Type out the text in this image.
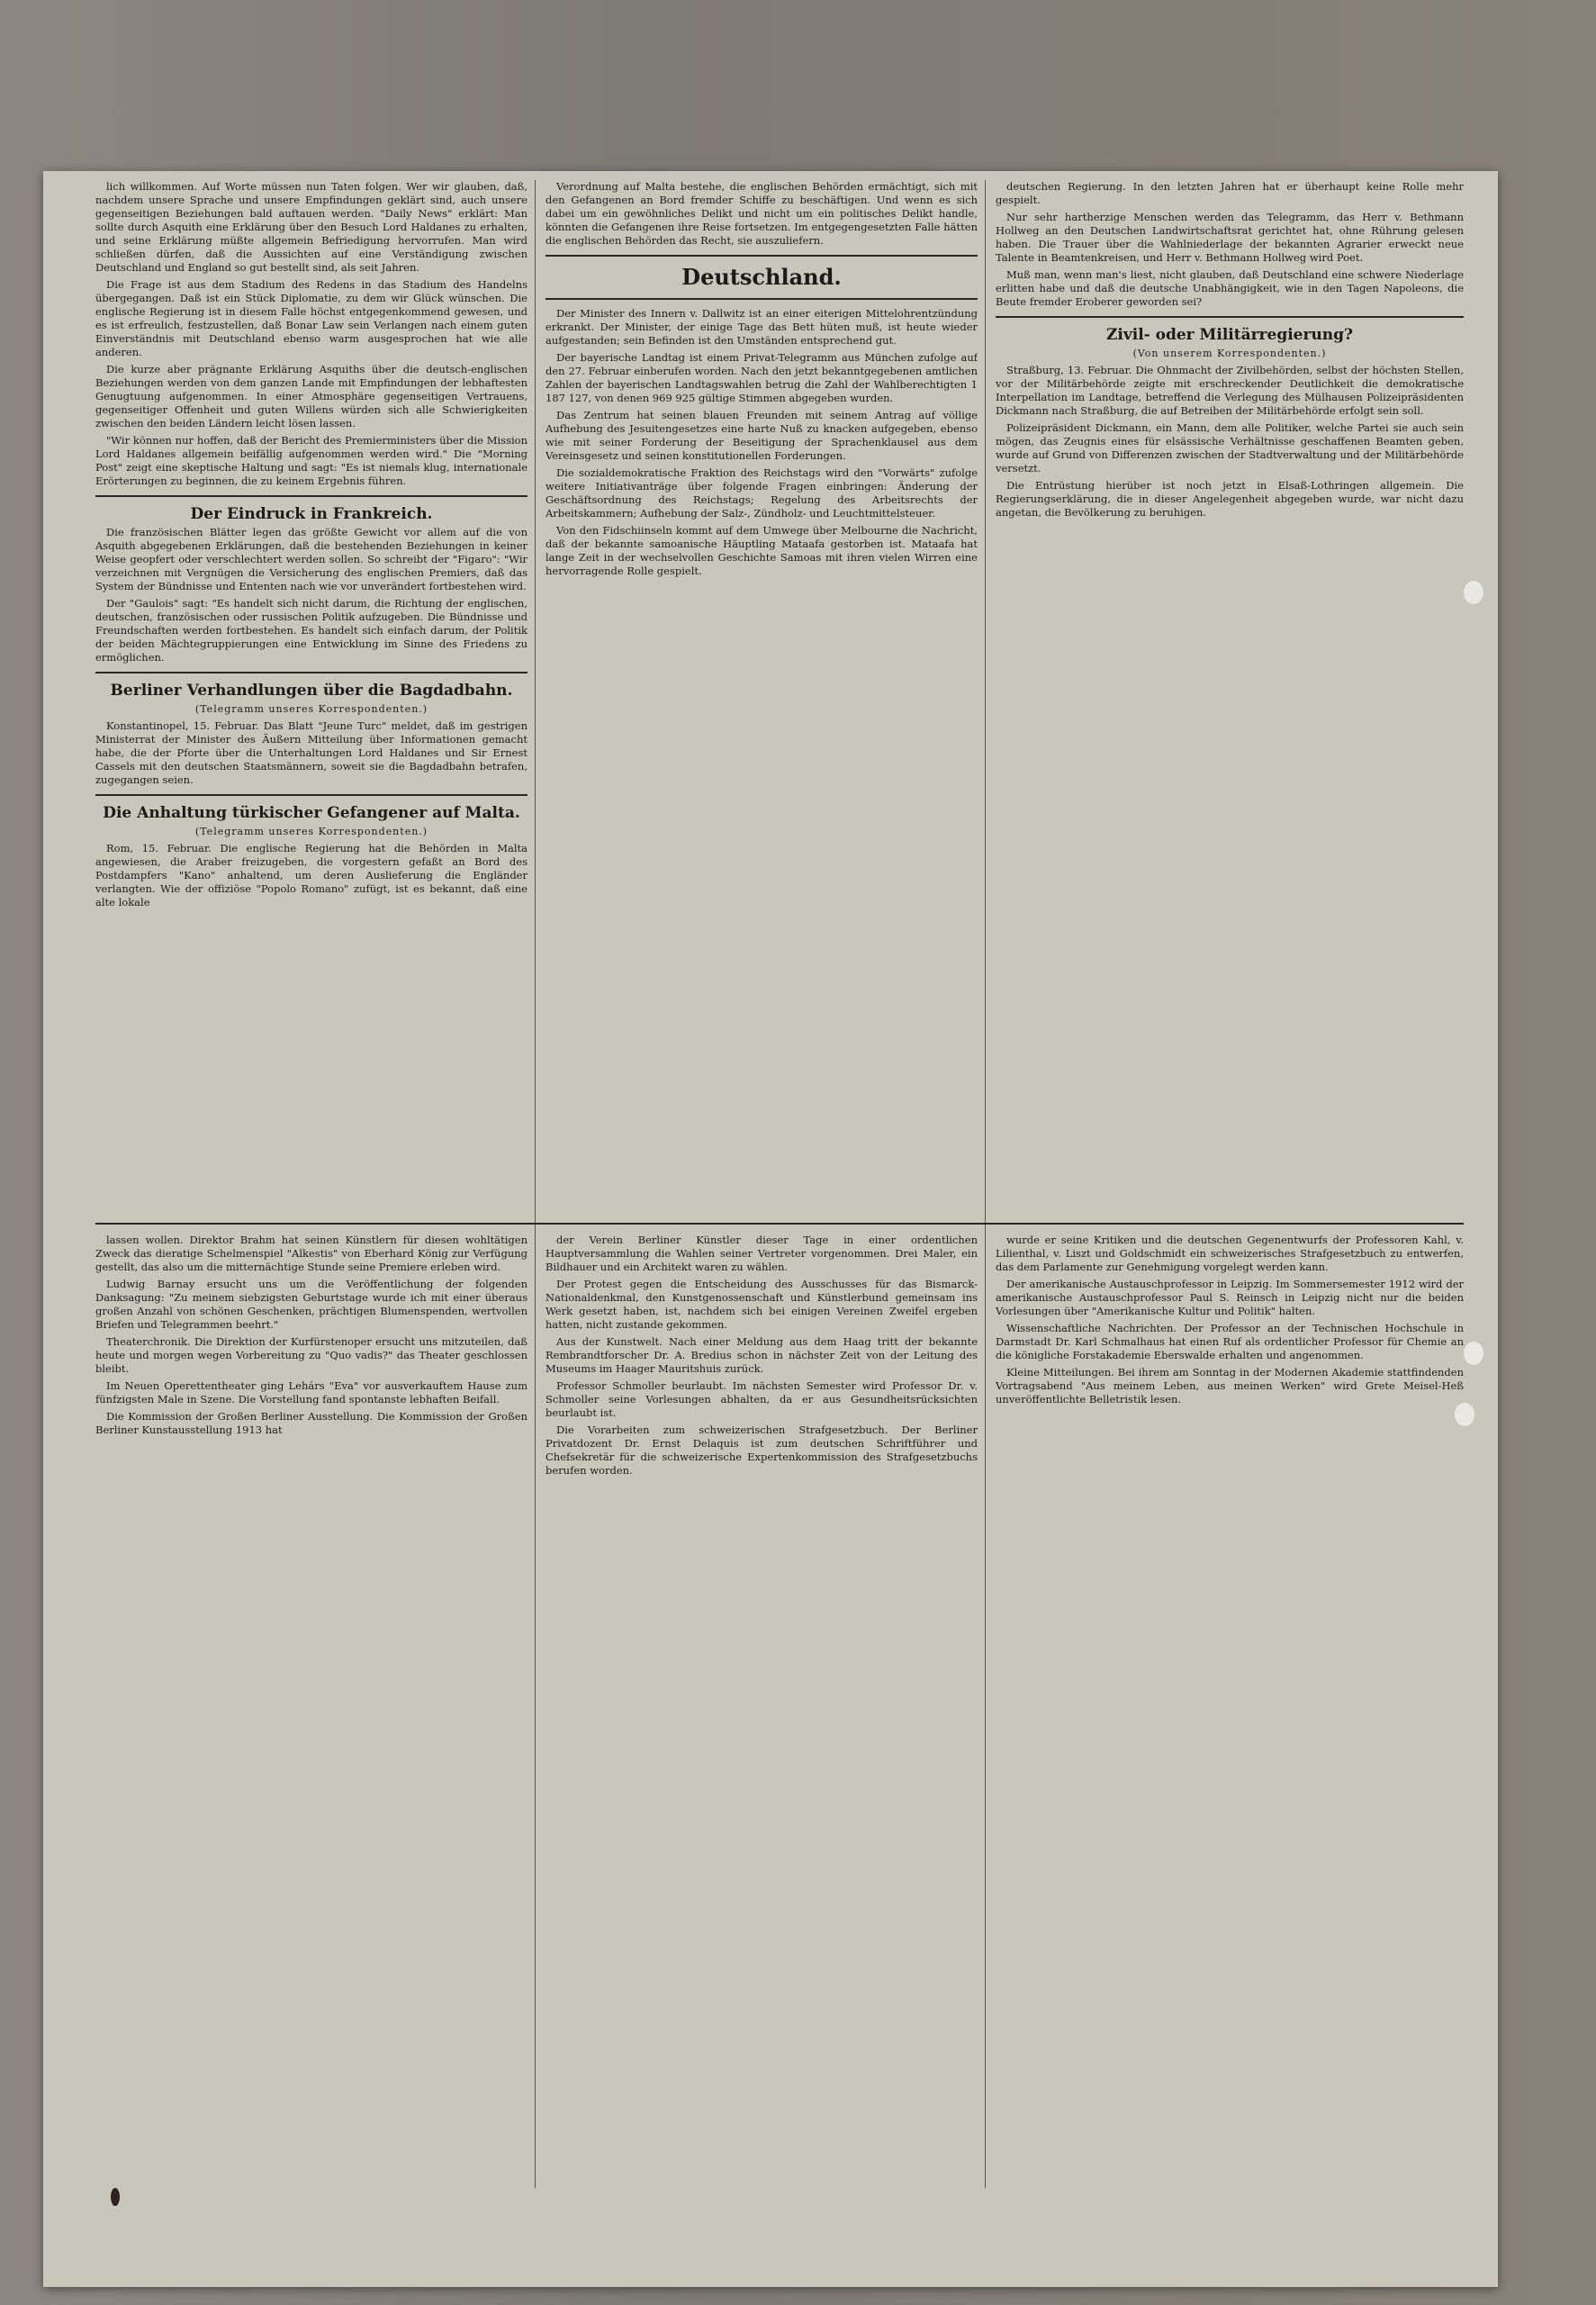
lich willkommen. Auf Worte müssen nun Taten folgen. Wer wir glauben, daß, nachdem unsere Sprache und unsere Empfindungen geklärt sind, auch unsere gegenseitigen Beziehungen bald auftauen werden. "Daily News" erklärt: Man sollte durch Asquith eine Erklärung über den Besuch Lord Haldanes zu erhalten, und seine Erklärung müßte allgemein Befriedigung hervorrufen. Man wird schließen dürfen, daß die Aussichten auf eine Verständigung zwischen Deutschland und England so gut bestellt sind, als seit Jahren.

Die Frage ist aus dem Stadium des Redens in das Stadium des Handelns übergegangen. Daß ist ein Stück Diplomatie, zu dem wir Glück wünschen. Die englische Regierung ist in diesem Falle höchst entgegenkommend gewesen, und es ist erfreulich, festzustellen, daß Bonar Law sein Verlangen nach einem guten Einverständnis mit Deutschland ebenso warm ausgesprochen hat wie alle anderen.

Die kurze aber prägnante Erklärung Asquiths über die deutsch-englischen Beziehungen werden von dem ganzen Lande mit Empfindungen der lebhaftesten Genugtuung aufgenommen. In einer Atmosphäre gegenseitigen Vertrauens, gegenseitiger Offenheit und guten Willens würden sich alle Schwierigkeiten zwischen den beiden Ländern leicht lösen lassen.

"Wir können nur hoffen, daß der Bericht des Premierministers über die Mission Lord Haldanes allgemein beifällig aufgenommen werden wird." Die "Morning Post" zeigt eine skeptische Haltung und sagt: "Es ist niemals klug, internationale Erörterungen zu beginnen, die zu keinem Ergebnis führen.

Der Eindruck in Frankreich.

Die französischen Blätter legen das größte Gewicht vor allem auf die von Asquith abgegebenen Erklärungen, daß die bestehenden Beziehungen in keiner Weise geopfert oder verschlechtert werden sollen. So schreibt der "Figaro": "Wir verzeichnen mit Vergnügen die Versicherung des englischen Premiers, daß das System der Bündnisse und Ententen nach wie vor unverändert fortbestehen wird.

Der "Gaulois" sagt: "Es handelt sich nicht darum, die Richtung der englischen, deutschen, französischen oder russischen Politik aufzugeben. Die Bündnisse und Freundschaften werden fortbestehen. Es handelt sich einfach darum, der Politik der beiden Mächtegruppierungen eine Entwicklung im Sinne des Friedens zu ermöglichen.

Berliner Verhandlungen über die Bagdadbahn.
(Telegramm unseres Korrespondenten.)

Konstantinopel, 15. Februar. Das Blatt "Jeune Turc" meldet, daß im gestrigen Ministerrat der Minister des Äußern Mitteilung über Informationen gemacht habe, die der Pforte über die Unterhaltungen Lord Haldanes und Sir Ernest Cassels mit den deutschen Staatsmännern, soweit sie die Bagdadbahn betrafen, zugegangen seien.

Die Anhaltung türkischer Gefangener auf Malta.
(Telegramm unseres Korrespondenten.)

Rom, 15. Februar. Die englische Regierung hat die Behörden in Malta angewiesen, die Araber freizugeben, die vorgestern gefaßt an Bord des Postdampfers "Kano" anhaltend, um deren Auslieferung die Engländer verlangten. Wie der offiziöse "Popolo Romano" zufügt, ist es bekannt, daß eine alte lokale

Verordnung auf Malta bestehe, die englischen Behörden ermächtigt, sich mit den Gefangenen an Bord fremder Schiffe zu beschäftigen. Und wenn es sich dabei um ein gewöhnliches Delikt und nicht um ein politisches Delikt handle, könnten die Gefangenen ihre Reise fortsetzen. Im entgegengesetzten Falle hätten die englischen Behörden das Recht, sie auszuliefern.

Deutschland.

Der Minister des Innern v. Dallwitz ist an einer eiterigen Mittelohrentzündung erkrankt. Der Minister, der einige Tage das Bett hüten muß, ist heute wieder aufgestanden; sein Befinden ist den Umständen entsprechend gut.

Der bayerische Landtag ist einem Privat-Telegramm aus München zufolge auf den 27. Februar einberufen worden. Nach den jetzt bekanntgegebenen amtlichen Zahlen der bayerischen Landtagswahlen betrug die Zahl der Wahlberechtigten 1 187 127, von denen 969 925 gültige Stimmen abgegeben wurden.

Das Zentrum hat seinen blauen Freunden mit seinem Antrag auf völlige Aufhebung des Jesuitengesetzes eine harte Nuß zu knacken aufgegeben, ebenso wie mit seiner Forderung der Beseitigung der Sprachenklausel aus dem Vereinsgesetz und seinen konstitutionellen Forderungen.

Die sozialdemokratische Fraktion des Reichstags wird den "Vorwärts" zufolge weitere Initiativanträge über folgende Fragen einbringen: Änderung der Geschäftsordnung des Reichstags; Regelung des Arbeitsrechts der Arbeitskammern; Aufhebung der Salz-, Zündholz- und Leuchtmittelsteuer.

Von den Fidschiinseln kommt auf dem Umwege über Melbourne die Nachricht, daß der bekannte samoanische Häuptling Mataafa gestorben ist. Mataafa hat lange Zeit in der wechselvollen Geschichte Samoas mit ihren vielen Wirren eine hervorragende Rolle gespielt.

deutschen Regierung. In den letzten Jahren hat er überhaupt keine Rolle mehr gespielt.

Nur sehr hartherzige Menschen werden das Telegramm, das Herr v. Bethmann Hollweg an den Deutschen Landwirtschaftsrat gerichtet hat, ohne Rührung gelesen haben. Die Trauer über die Wahlniederlage der bekannten Agrarier erweckt neue Talente in Beamtenkreisen, und Herr v. Bethmann Hollweg wird Poet.

Muß man, wenn man's liest, nicht glauben, daß Deutschland eine schwere Niederlage erlitten habe und daß die deutsche Unabhängigkeit, wie in den Tagen Napoleons, die Beute fremder Eroberer geworden sei?

Zivil- oder Militärregierung?
(Von unserem Korrespondenten.)

Straßburg, 13. Februar. Die Ohnmacht der Zivilbehörden, selbst der höchsten Stellen, vor der Militärbehörde zeigte mit erschreckender Deutlichkeit die demokratische Interpellation im Landtage, betreffend die Verlegung des Mülhausen Polizeipräsidenten Dickmann nach Straßburg, die auf Betreiben der Militärbehörde erfolgt sein soll.

Polizeipräsident Dickmann, ein Mann, dem alle Politiker, welche Partei sie auch sein mögen, das Zeugnis eines für elsässische Verhältnisse geschaffenen Beamten geben, wurde auf Grund von Differenzen zwischen der Stadtverwaltung und der Militärbehörde versetzt.

Die Entrüstung hierüber ist noch jetzt in Elsaß-Lothringen allgemein. Die Regierungserklärung, die in dieser Angelegenheit abgegeben wurde, war nicht dazu angetan, die Bevölkerung zu beruhigen.

lassen wollen. Direktor Brahm hat seinen Künstlern für diesen wohltätigen Zweck das dieratige Schelmenspiel "Alkestis" von Eberhard König zur Verfügung gestellt, das also um die mitternächtige Stunde seine Premiere erleben wird.

Ludwig Barnay ersucht uns um die Veröffentlichung der folgenden Danksagung: "Zu meinem siebzigsten Geburtstage wurde ich mit einer überaus großen Anzahl von schönen Geschenken, prächtigen Blumenspenden, wertvollen Briefen und Telegrammen beehrt."

Theaterchronik. Die Direktion der Kurfürstenoper ersucht uns mitzuteilen, daß heute und morgen wegen Vorbereitung zu "Quo vadis?" das Theater geschlossen bleibt.

Im Neuen Operettentheater ging Lehárs "Eva" vor ausverkauftem Hause zum fünfzigsten Male in Szene. Die Vorstellung fand spontanste lebhaften Beifall.

Die Kommission der Großen Berliner Ausstellung. Die Kommission der Großen Berliner Kunstausstellung 1913 hat

der Verein Berliner Künstler dieser Tage in einer ordentlichen Hauptversammlung die Wahlen seiner Vertreter vorgenommen. Drei Maler, ein Bildhauer und ein Architekt waren zu wählen.

Der Protest gegen die Entscheidung des Ausschusses für das Bismarck-Nationaldenkmal, den Kunstgenossenschaft und Künstlerbund gemeinsam ins Werk gesetzt haben, ist, nachdem sich bei einigen Vereinen Zweifel ergeben hatten, nicht zustande gekommen.

Aus der Kunstwelt. Nach einer Meldung aus dem Haag tritt der bekannte Rembrandtforscher Dr. A. Bredius schon in nächster Zeit von der Leitung des Museums im Haager Mauritshuis zurück.

Professor Schmoller beurlaubt. Im nächsten Semester wird Professor Dr. v. Schmoller seine Vorlesungen abhalten, da er aus Gesundheitsrücksichten beurlaubt ist.

Die Vorarbeiten zum schweizerischen Strafgesetzbuch. Der Berliner Privatdozent Dr. Ernst Delaquis ist zum deutschen Schriftführer und Chefsekretär für die schweizerische Expertenkommission des Strafgesetzbuchs berufen worden.

wurde er seine Kritiken und die deutschen Gegenentwurfs der Professoren Kahl, v. Lilienthal, v. Liszt und Goldschmidt ein schweizerisches Strafgesetzbuch zu entwerfen, das dem Parlamente zur Genehmigung vorgelegt werden kann.

Der amerikanische Austauschprofessor in Leipzig. Im Sommersemester 1912 wird der amerikanische Austauschprofessor Paul S. Reinsch in Leipzig nicht nur die beiden Vorlesungen über "Amerikanische Kultur und Politik" halten.

Wissenschaftliche Nachrichten. Der Professor an der Technischen Hochschule in Darmstadt Dr. Karl Schmalhaus hat einen Ruf als ordentlicher Professor für Chemie an die königliche Forstakademie Eberswalde erhalten und angenommen.

Kleine Mitteilungen. Bei ihrem am Sonntag in der Modernen Akademie stattfindenden Vortragsabend "Aus meinem Leben, aus meinen Werken" wird Grete Meisel-Heß unveröffentlichte Belletristik lesen.
